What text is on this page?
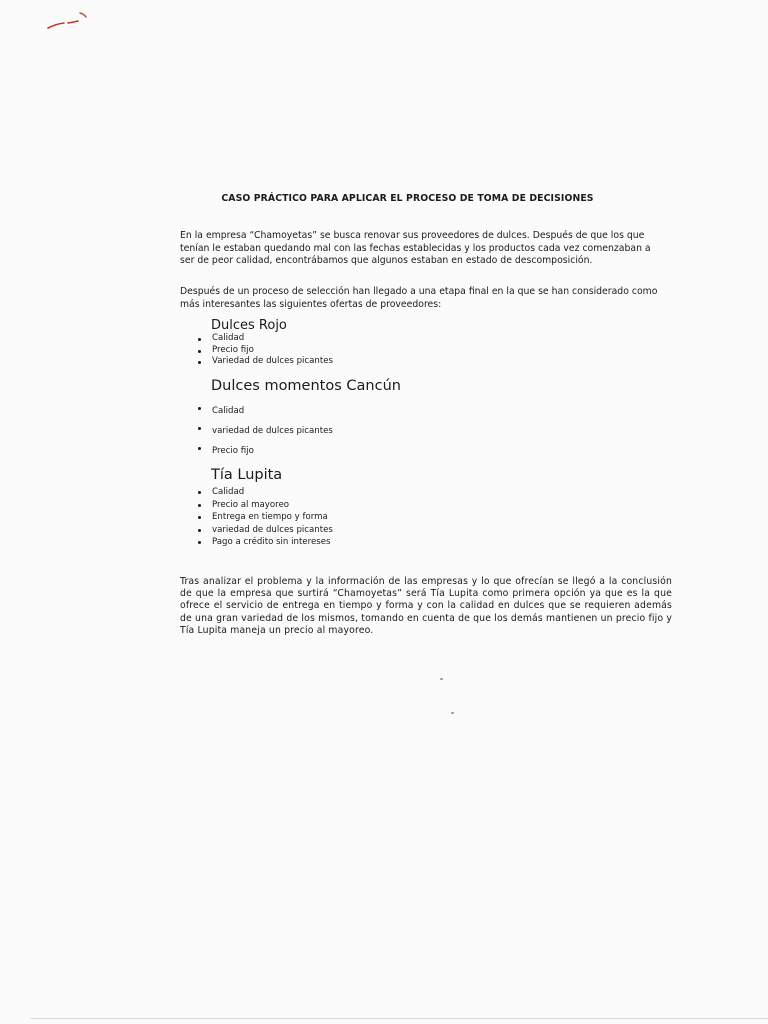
CASO PRÁCTICO PARA APLICAR EL PROCESO DE TOMA DE DECISIONES

En la empresa “Chamoyetas” se busca renovar sus proveedores de dulces. Después de que los que tenían le estaban quedando mal con las fechas establecidas y los productos cada vez comenzaban a ser de peor calidad, encontrábamos que algunos estaban en estado de descomposición.

Después de un proceso de selección han llegado a una etapa final en la que se han considerado como más interesantes las siguientes ofertas de proveedores:

Dulces Rojo
Calidad
Precio fijo
Variedad de dulces picantes
Dulces momentos Cancún
Calidad
variedad de dulces picantes
Precio fijo
Tía Lupita
Calidad
Precio al mayoreo
Entrega en tiempo y forma
variedad de dulces picantes
Pago a crédito sin intereses

Tras analizar el problema y la información de las empresas y lo que ofrecían se llegó a la conclusión de que la empresa que surtirá “Chamoyetas” será Tía Lupita como primera opción ya que es la que ofrece el servicio de entrega en tiempo y forma y con la calidad en dulces que se requieren además de una gran variedad de los mismos, tomando en cuenta de que los demás mantienen un precio fijo y Tía Lupita maneja un precio al mayoreo.
